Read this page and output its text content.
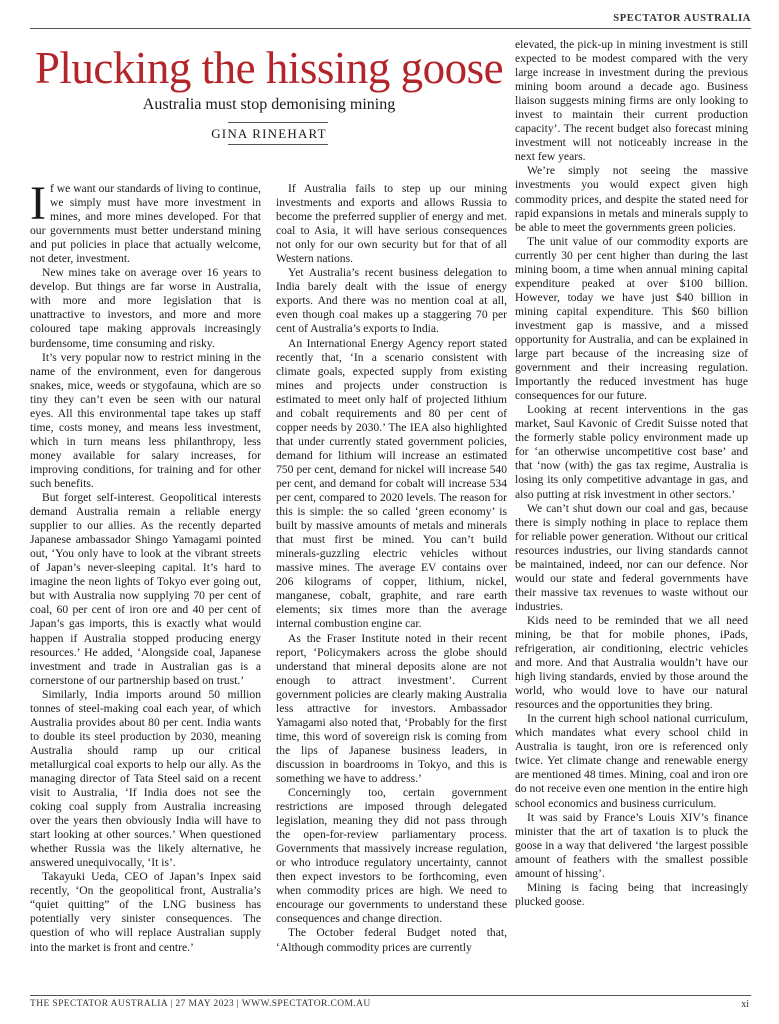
SPECTATOR AUSTRALIA
Plucking the hissing goose
Australia must stop demonising mining
GINA RINEHART

If we want our standards of living to continue, we simply must have more investment in mines, and more mines developed. For that our governments must better understand mining and put policies in place that actually welcome, not deter, investment.

New mines take on average over 16 years to develop. But things are far worse in Australia, with more and more legislation that is unattractive to investors, and more and more coloured tape making approvals increasingly burdensome, time consuming and risky.

It’s very popular now to restrict mining in the name of the environment, even for dangerous snakes, mice, weeds or stygofauna, which are so tiny they can’t even be seen with our natural eyes. All this environmental tape takes up staff time, costs money, and means less investment, which in turn means less philanthropy, less money available for salary increases, for improving conditions, for training and for other such benefits.

But forget self-interest. Geopolitical interests demand Australia remain a reliable energy supplier to our allies. As the recently departed Japanese ambassador Shingo Yamagami pointed out, ‘You only have to look at the vibrant streets of Japan’s never-sleeping capital. It’s hard to imagine the neon lights of Tokyo ever going out, but with Australia now supplying 70 per cent of coal, 60 per cent of iron ore and 40 per cent of Japan’s gas imports, this is exactly what would happen if Australia stopped producing energy resources.’ He added, ‘Alongside coal, Japanese investment and trade in Australian gas is a cornerstone of our partnership based on trust.’

Similarly, India imports around 50 million tonnes of steel-making coal each year, of which Australia provides about 80 per cent. India wants to double its steel production by 2030, meaning Australia should ramp up our critical metallurgical coal exports to help our ally. As the managing director of Tata Steel said on a recent visit to Australia, ‘If India does not see the coking coal supply from Australia increasing over the years then obviously India will have to start looking at other sources.’ When questioned whether Russia was the likely alternative, he answered unequivocally, ‘It is’.

Takayuki Ueda, CEO of Japan’s Inpex said recently, ‘On the geopolitical front, Australia’s “quiet quitting” of the LNG business has potentially very sinister consequences. The question of who will replace Australian supply into the market is front and centre.’

If Australia fails to step up our mining investments and exports and allows Russia to become the preferred supplier of energy and met. coal to Asia, it will have serious consequences not only for our own security but for that of all Western nations.

Yet Australia’s recent business delegation to India barely dealt with the issue of energy exports. And there was no mention coal at all, even though coal makes up a staggering 70 per cent of Australia’s exports to India.

An International Energy Agency report stated recently that, ‘In a scenario consistent with climate goals, expected supply from existing mines and projects under construction is estimated to meet only half of projected lithium and cobalt requirements and 80 per cent of copper needs by 2030.’ The IEA also highlighted that under currently stated government policies, demand for lithium will increase an estimated 750 per cent, demand for nickel will increase 540 per cent, and demand for cobalt will increase 534 per cent, compared to 2020 levels. The reason for this is simple: the so called ‘green economy’ is built by massive amounts of metals and minerals that must first be mined. You can’t build minerals-guzzling electric vehicles without massive mines. The average EV contains over 206 kilograms of copper, lithium, nickel, manganese, cobalt, graphite, and rare earth elements; six times more than the average internal combustion engine car.

As the Fraser Institute noted in their recent report, ‘Policymakers across the globe should understand that mineral deposits alone are not enough to attract investment’. Current government policies are clearly making Australia less attractive for investors. Ambassador Yamagami also noted that, ‘Probably for the first time, this word of sovereign risk is coming from the lips of Japanese business leaders, in discussion in boardrooms in Tokyo, and this is something we have to address.’

Concerningly too, certain government restrictions are imposed through delegated legislation, meaning they did not pass through the open-for-review parliamentary process. Governments that massively increase regulation, or who introduce regulatory uncertainty, cannot then expect investors to be forthcoming, even when commodity prices are high. We need to encourage our governments to understand these consequences and change direction.

The October federal Budget noted that, ‘Although commodity prices are currently

elevated, the pick-up in mining investment is still expected to be modest compared with the very large increase in investment during the previous mining boom around a decade ago. Business liaison suggests mining firms are only looking to invest to maintain their current production capacity’. The recent budget also forecast mining investment will not noticeably increase in the next few years.

We’re simply not seeing the massive investments you would expect given high commodity prices, and despite the stated need for rapid expansions in metals and minerals supply to be able to meet the governments green policies.

The unit value of our commodity exports are currently 30 per cent higher than during the last mining boom, a time when annual mining capital expenditure peaked at over $100 billion. However, today we have just $40 billion in mining capital expenditure. This $60 billion investment gap is massive, and a missed opportunity for Australia, and can be explained in large part because of the increasing size of government and their increasing regulation. Importantly the reduced investment has huge consequences for our future.

Looking at recent interventions in the gas market, Saul Kavonic of Credit Suisse noted that the formerly stable policy environment made up for ‘an otherwise uncompetitive cost base’ and that ‘now (with) the gas tax regime, Australia is losing its only competitive advantage in gas, and also putting at risk investment in other sectors.’

We can’t shut down our coal and gas, because there is simply nothing in place to replace them for reliable power generation. Without our critical resources industries, our living standards cannot be maintained, indeed, nor can our defence. Nor would our state and federal governments have their massive tax revenues to waste without our industries.

Kids need to be reminded that we all need mining, be that for mobile phones, iPads, refrigeration, air conditioning, electric vehicles and more. And that Australia wouldn’t have our high living standards, envied by those around the world, who would love to have our natural resources and the opportunities they bring.

In the current high school national curriculum, which mandates what every school child in Australia is taught, iron ore is referenced only twice. Yet climate change and renewable energy are mentioned 48 times. Mining, coal and iron ore do not receive even one mention in the entire high school economics and business curriculum.

It was said by France’s Louis XIV’s finance minister that the art of taxation is to pluck the goose in a way that delivered ‘the largest possible amount of feathers with the smallest possible amount of hissing’.

Mining is facing being that increasingly plucked goose.

THE SPECTATOR AUSTRALIA | 27 MAY 2023 | WWW.SPECTATOR.COM.AU	xi
